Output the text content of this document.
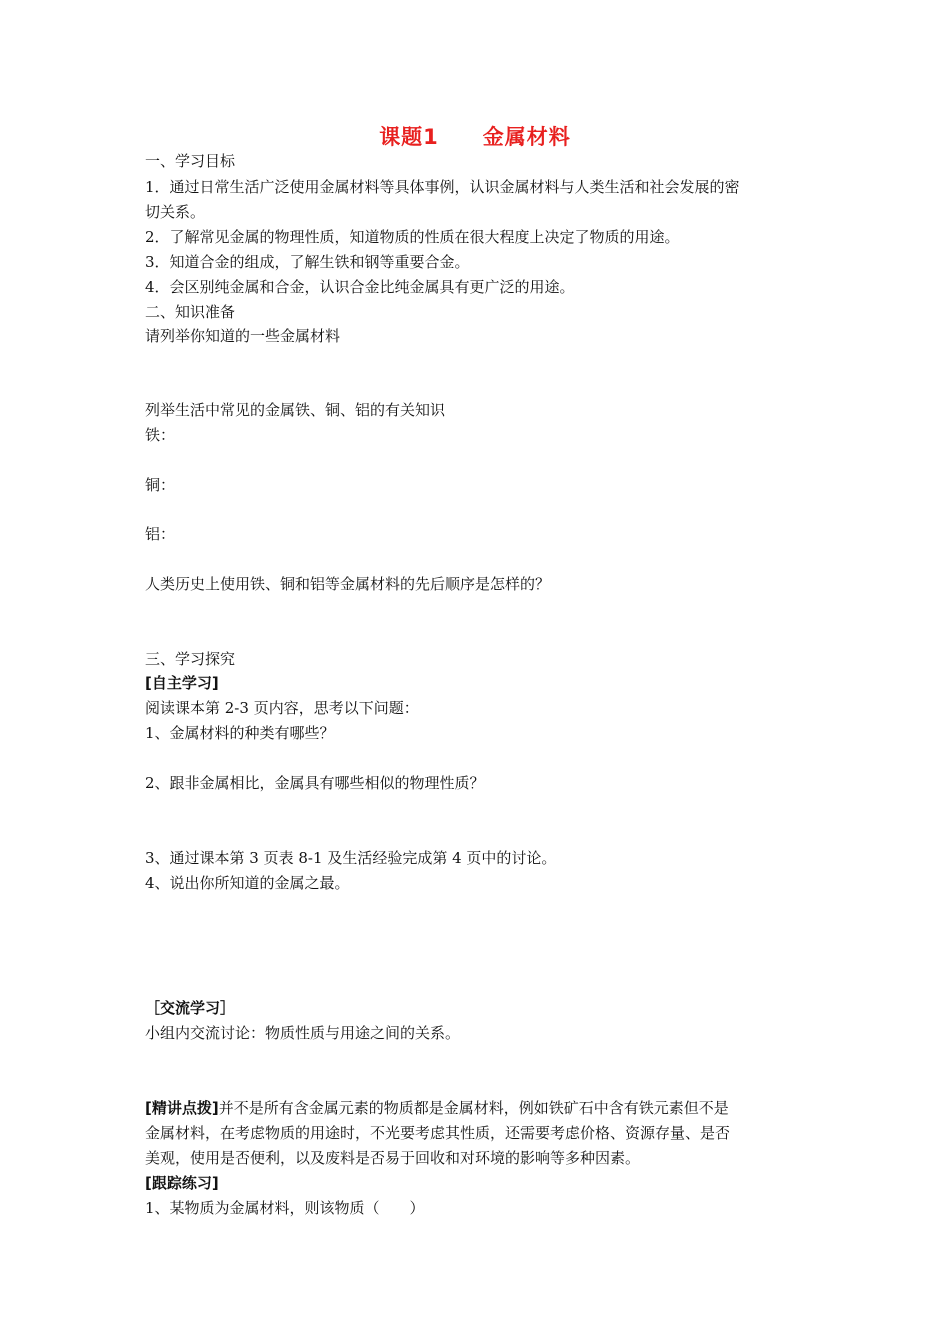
课题1　　金属材料
一、学习目标
1．通过日常生活广泛使用金属材料等具体事例，认识金属材料与人类生活和社会发展的密
切关系。
2．了解常见金属的物理性质，知道物质的性质在很大程度上决定了物质的用途。
3．知道合金的组成，了解生铁和钢等重要合金。
4．会区别纯金属和合金，认识合金比纯金属具有更广泛的用途。
二、知识准备
请列举你知道的一些金属材料
列举生活中常见的金属铁、铜、铝的有关知识
铁：
铜：
铝：
人类历史上使用铁、铜和铝等金属材料的先后顺序是怎样的？
三、学习探究
[自主学习]
阅读课本第 2-3 页内容，思考以下问题：
1、金属材料的种类有哪些？
2、跟非金属相比，金属具有哪些相似的物理性质？
3、通过课本第 3 页表 8-1 及生活经验完成第 4 页中的讨论。
4、说出你所知道的金属之最。
［交流学习］
小组内交流讨论：物质性质与用途之间的关系。
[精讲点拨]并不是所有含金属元素的物质都是金属材料，例如铁矿石中含有铁元素但不是
金属材料，在考虑物质的用途时，不光要考虑其性质，还需要考虑价格、资源存量、是否
美观，使用是否便利，以及废料是否易于回收和对环境的影响等多种因素。
[跟踪练习]
1、某物质为金属材料，则该物质（　　）
